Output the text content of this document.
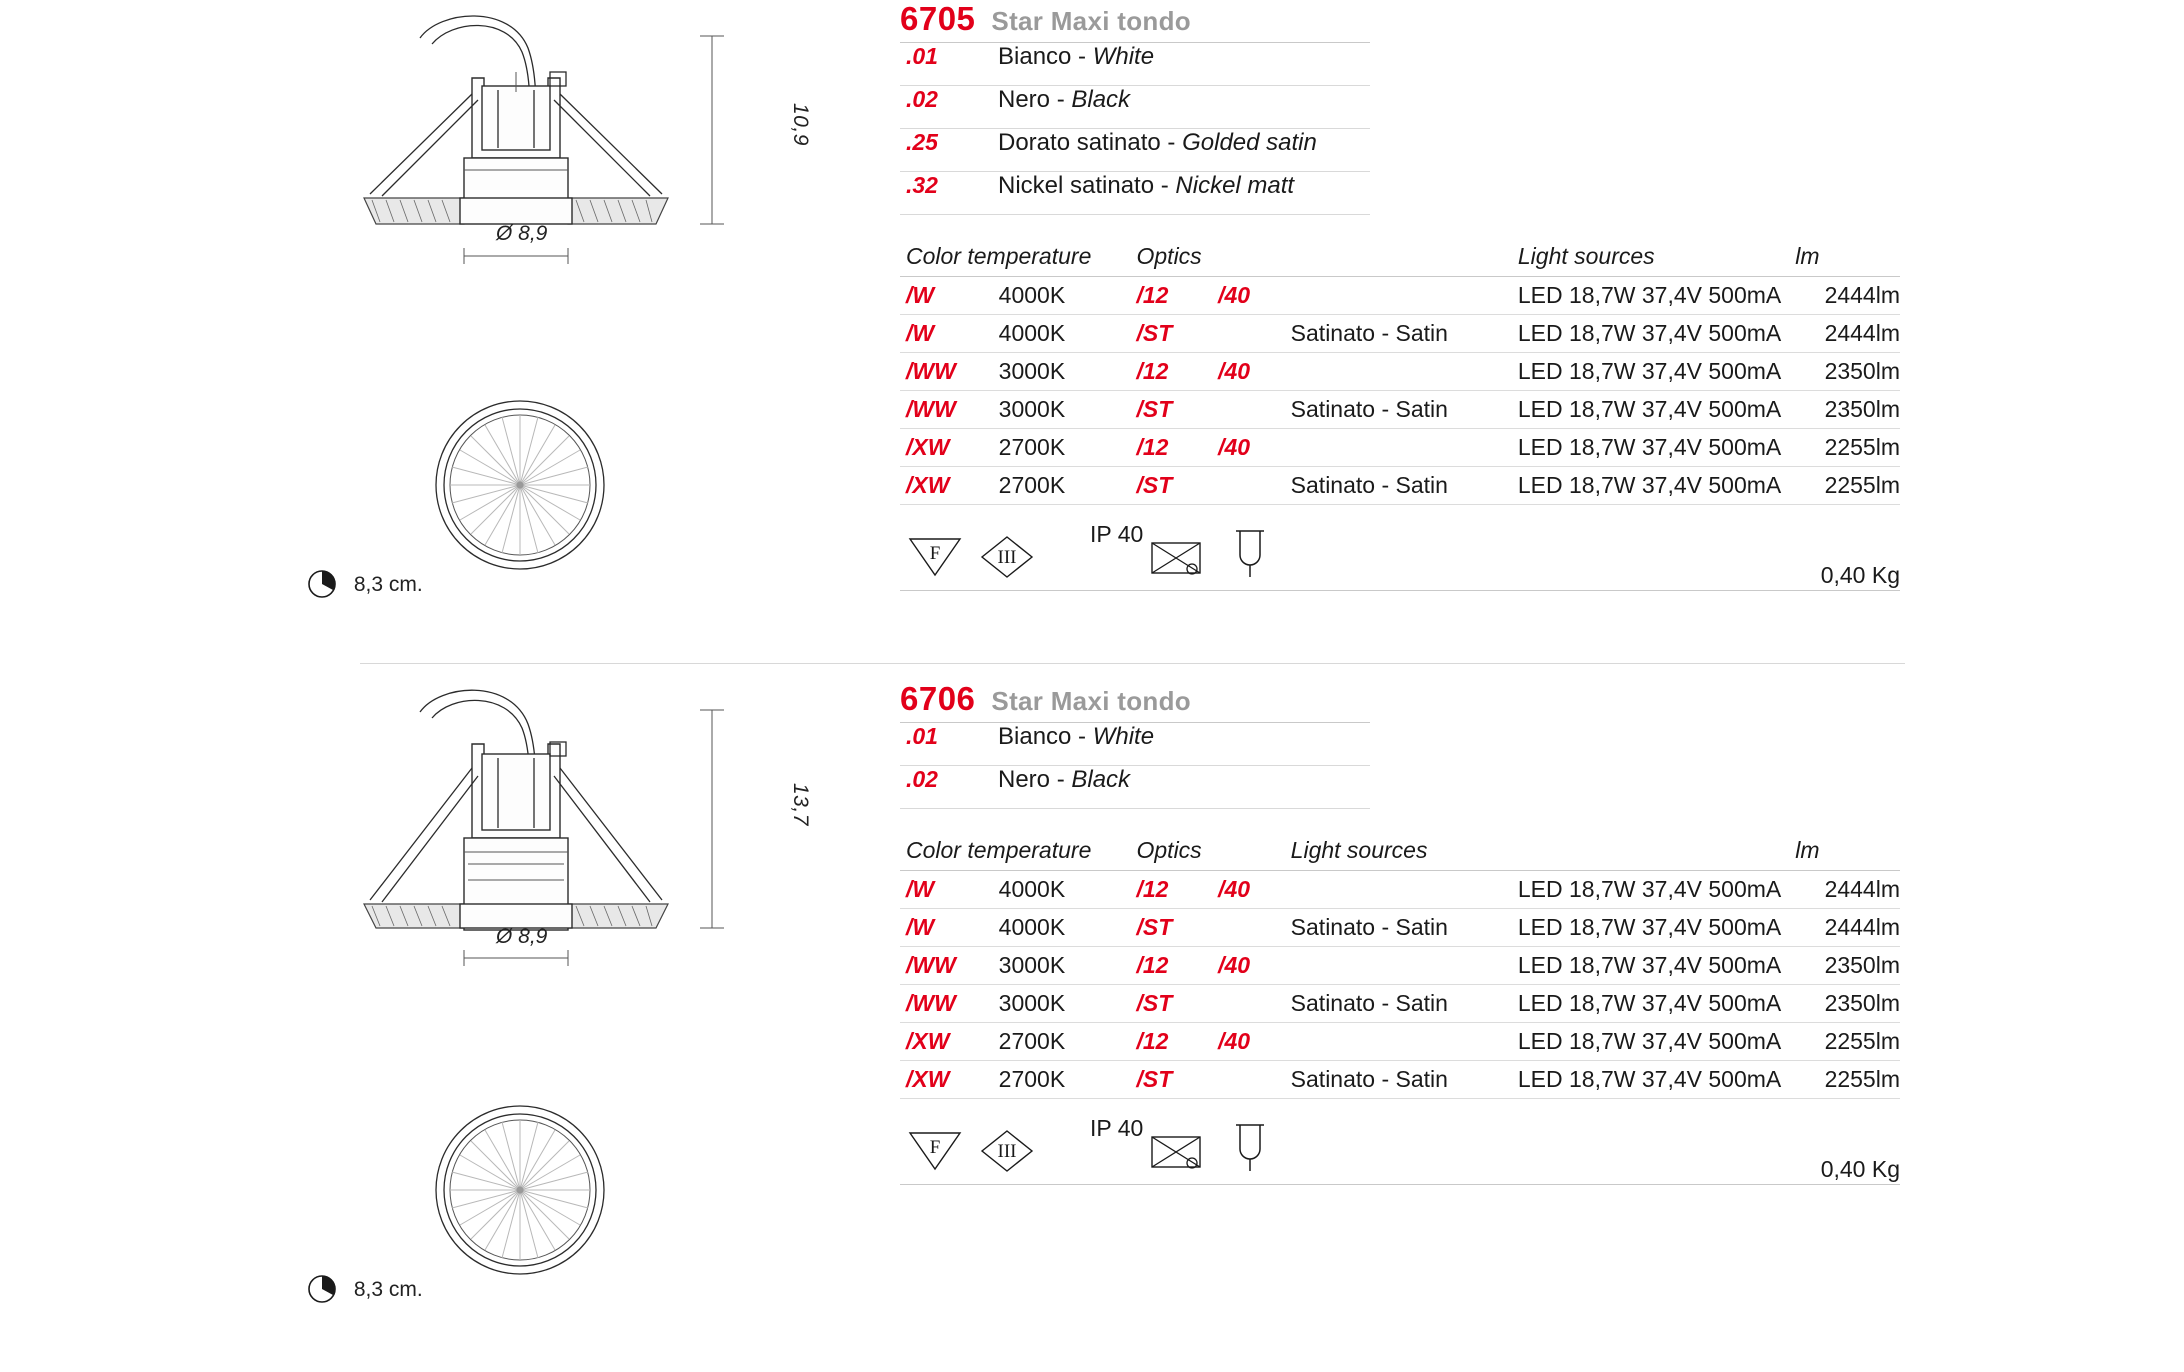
10,9
Ø 8,9
8,3 cm.
6705 Star Maxi tondo
.01	Bianco - White
.02	Nero - Black
.25	Dorato satinato - Golded satin
.32	Nickel satinato - Nickel matt
Color temperature		Optics			Light sources	lm
/W	4000K	/12	/40		LED 18,7W 37,4V 500mA	2444lm
/W	4000K	/ST		Satinato - Satin	LED 18,7W 37,4V 500mA	2444lm
/WW	3000K	/12	/40		LED 18,7W 37,4V 500mA	2350lm
/WW	3000K	/ST		Satinato - Satin	LED 18,7W 37,4V 500mA	2350lm
/XW	2700K	/12	/40		LED 18,7W 37,4V 500mA	2255lm
/XW	2700K	/ST		Satinato - Satin	LED 18,7W 37,4V 500mA	2255lm
F	III
IP 40
0,40 Kg
13,7
Ø 8,9
8,3 cm.
6706 Star Maxi tondo
.01	Bianco - White
.02	Nero - Black
Color temperature		Optics		Light sources		lm
/W	4000K	/12	/40		LED 18,7W 37,4V 500mA	2444lm
/W	4000K	/ST		Satinato - Satin	LED 18,7W 37,4V 500mA	2444lm
/WW	3000K	/12	/40		LED 18,7W 37,4V 500mA	2350lm
/WW	3000K	/ST		Satinato - Satin	LED 18,7W 37,4V 500mA	2350lm
/XW	2700K	/12	/40		LED 18,7W 37,4V 500mA	2255lm
/XW	2700K	/ST		Satinato - Satin	LED 18,7W 37,4V 500mA	2255lm
F	III
IP 40
0,40 Kg
